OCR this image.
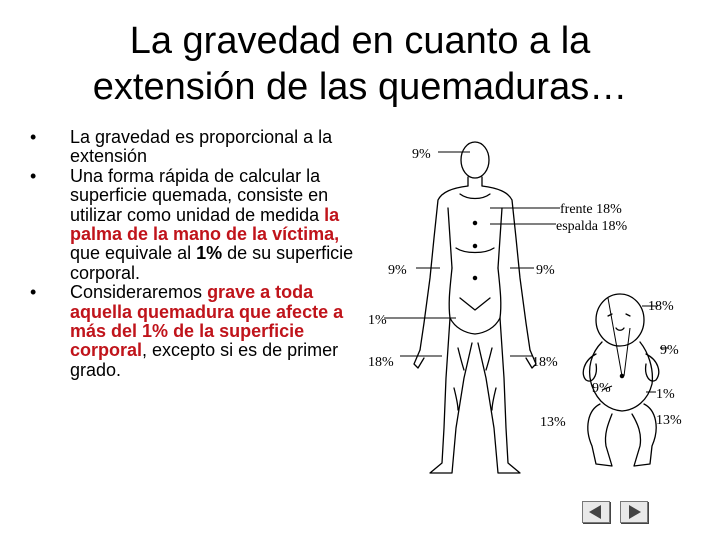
La gravedad en cuanto a la
extensión de las quemaduras…
•	La gravedad es proporcional a la extensión
•	Una forma rápida de calcular la superficie quemada, consiste en utilizar como unidad de medida la palma de la mano de la víctima, que equivale al 1% de su superficie corporal.
•	Consideraremos grave a toda aquella quemadura que afecte a más del 1% de la superficie corporal, excepto si es de primer grado.
9%
frente 18%
espalda 18%
9%	9%
1%
18%	18%
18%
9%
9%	1%
13%	13%
